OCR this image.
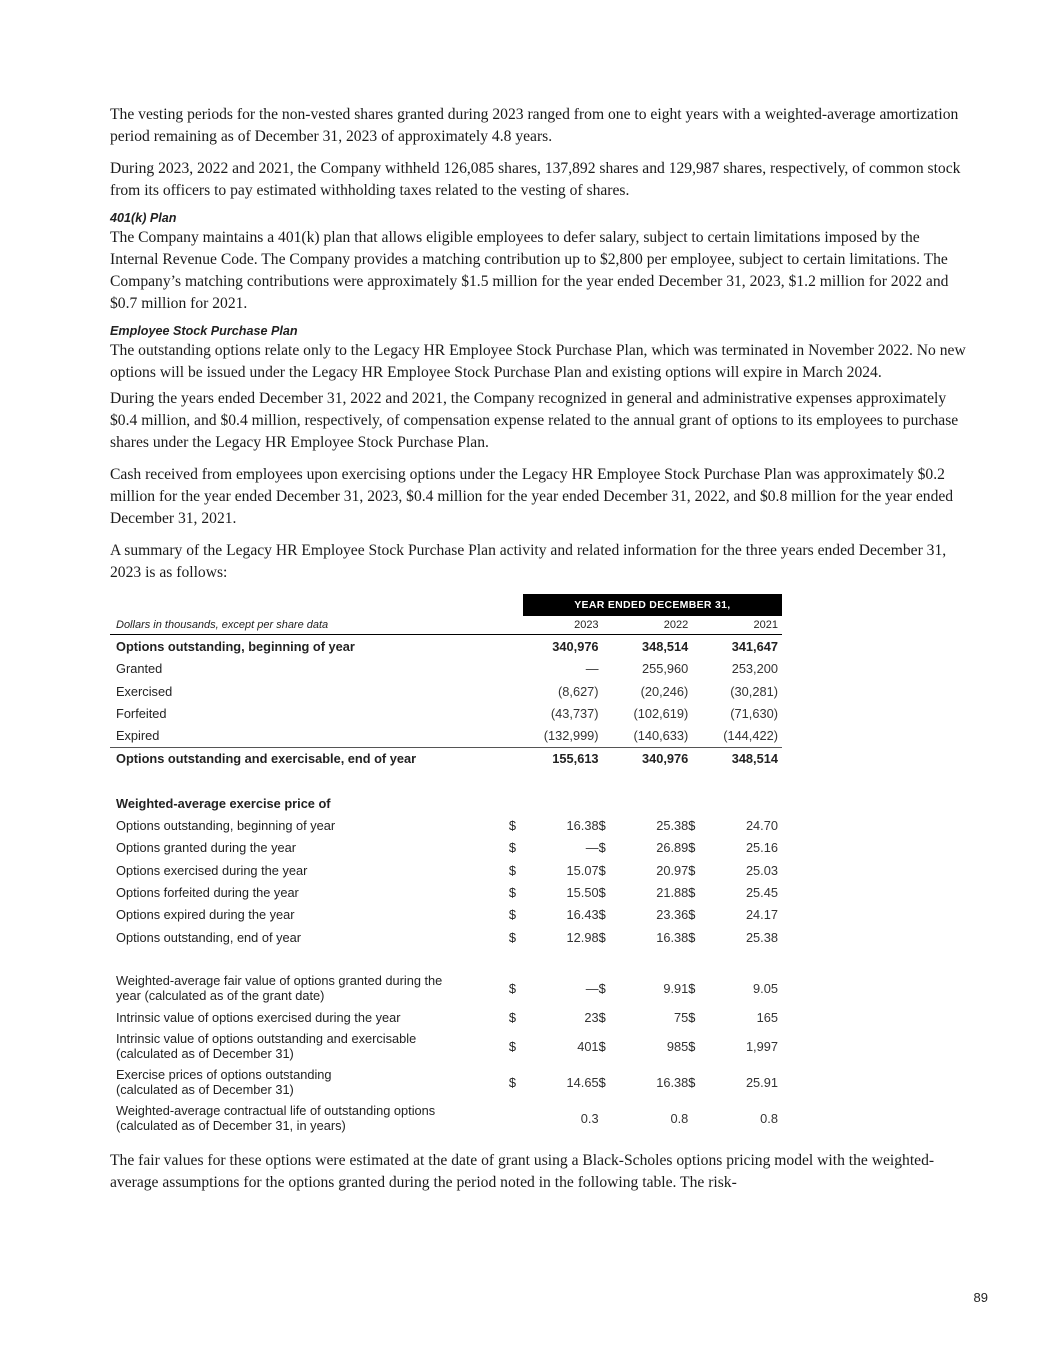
The vesting periods for the non-vested shares granted during 2023 ranged from one to eight years with a weighted-average amortization period remaining as of December 31, 2023 of approximately 4.8 years.

During 2023, 2022 and 2021, the Company withheld 126,085 shares, 137,892 shares and 129,987 shares, respectively, of common stock from its officers to pay estimated withholding taxes related to the vesting of shares.

401(k) Plan

The Company maintains a 401(k) plan that allows eligible employees to defer salary, subject to certain limitations imposed by the Internal Revenue Code. The Company provides a matching contribution up to $2,800 per employee, subject to certain limitations. The Company’s matching contributions were approximately $1.5 million for the year ended December 31, 2023, $1.2 million for 2022 and $0.7 million for 2021.

Employee Stock Purchase Plan

The outstanding options relate only to the Legacy HR Employee Stock Purchase Plan, which was terminated in November 2022. No new options will be issued under the Legacy HR Employee Stock Purchase Plan and existing options will expire in March 2024.

During the years ended December 31, 2022 and 2021, the Company recognized in general and administrative expenses approximately $0.4 million, and $0.4 million, respectively, of compensation expense related to the annual grant of options to its employees to purchase shares under the Legacy HR Employee Stock Purchase Plan.

Cash received from employees upon exercising options under the Legacy HR Employee Stock Purchase Plan was approximately $0.2 million for the year ended December 31, 2023, $0.4 million for the year ended December 31, 2022, and $0.8 million for the year ended December 31, 2021.

A summary of the Legacy HR Employee Stock Purchase Plan activity and related information for the three years ended December 31, 2023 is as follows:

		YEAR ENDED DECEMBER 31,					
Dollars in thousands, except per share data		2023		2022		2021	
Options outstanding, beginning of year		340,976		348,514		341,647	
Granted		—		255,960		253,200	
Exercised		(8,627)		(20,246)		(30,281)	
Forfeited		(43,737)		(102,619)		(71,630)	
Expired		(132,999)		(140,633)		(144,422)	
Options outstanding and exercisable, end of year		155,613		340,976		348,514	

Weighted-average exercise price of							
Options outstanding, beginning of year	$	16.38	$	25.38	$	24.70	
Options granted during the year	$	—	$	26.89	$	25.16	
Options exercised during the year	$	15.07	$	20.97	$	25.03	
Options forfeited during the year	$	15.50	$	21.88	$	25.45	
Options expired during the year	$	16.43	$	23.36	$	24.17	
Options outstanding, end of year	$	12.98	$	16.38	$	25.38	

Weighted-average fair value of options granted during the
year (calculated as of the grant date)	$	—	$	9.91	$	9.05	
Intrinsic value of options exercised during the year	$	23	$	75	$	165	
Intrinsic value of options outstanding and exercisable
(calculated as of December 31)	$	401	$	985	$	1,997	
Exercise prices of options outstanding
(calculated as of December 31)	$	14.65	$	16.38	$	25.91	
Weighted-average contractual life of outstanding options
(calculated as of December 31, in years)		0.3		0.8		0.8	

The fair values for these options were estimated at the date of grant using a Black-Scholes options pricing model with the weighted-average assumptions for the options granted during the period noted in the following table. The risk-

89
